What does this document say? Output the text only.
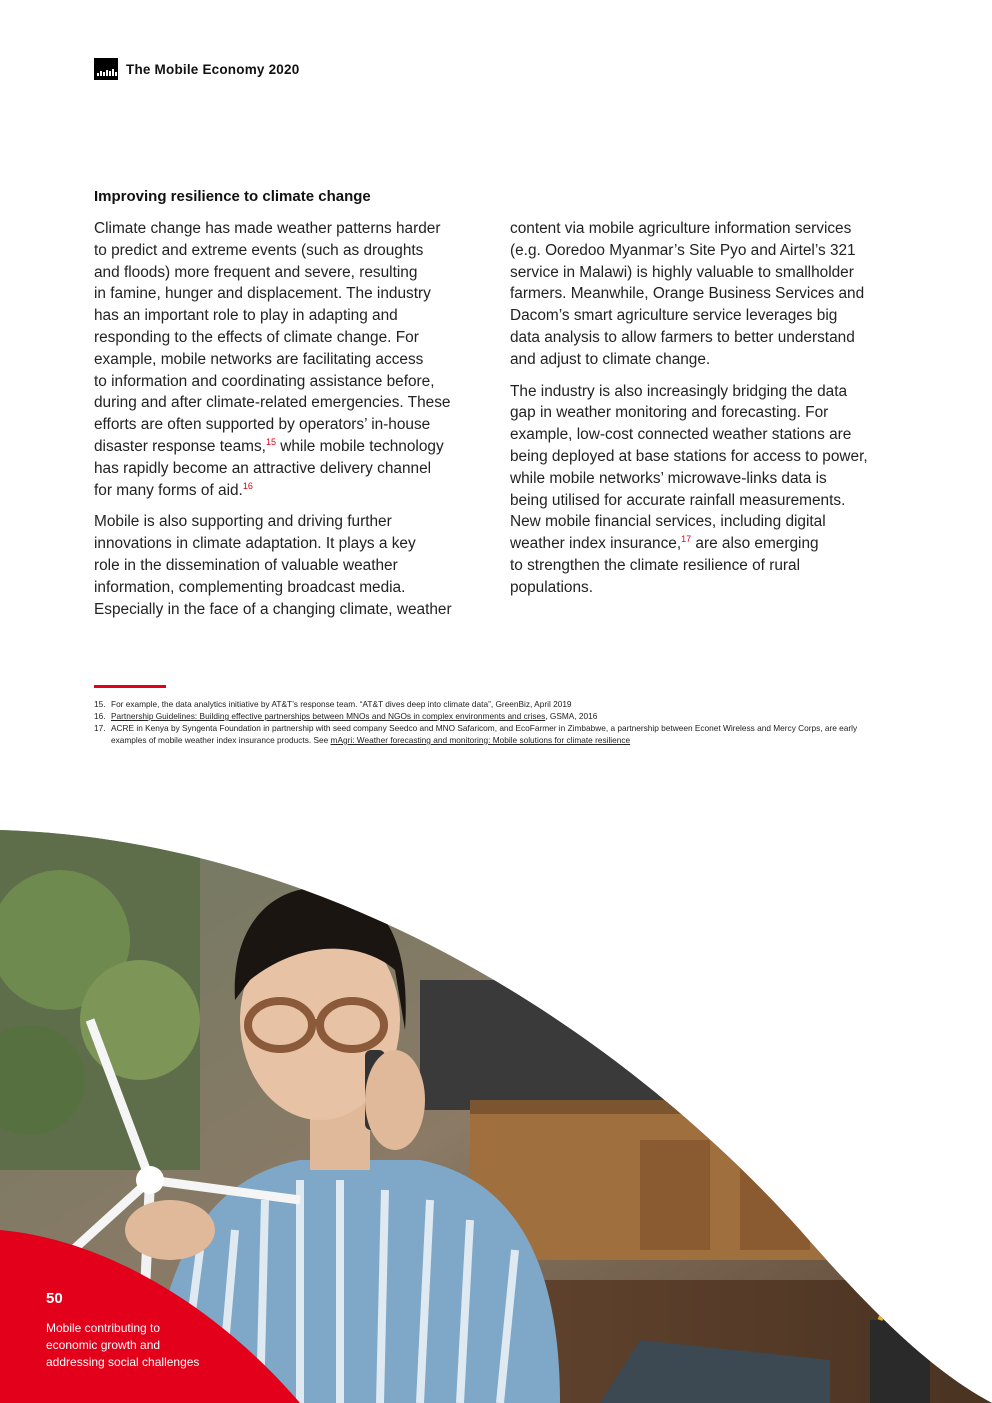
The Mobile Economy 2020
Improving resilience to climate change

Climate change has made weather patterns harder
to predict and extreme events (such as droughts
and floods) more frequent and severe, resulting
in famine, hunger and displacement. The industry
has an important role to play in adapting and
responding to the effects of climate change. For
example, mobile networks are facilitating access
to information and coordinating assistance before,
during and after climate-related emergencies. These
efforts are often supported by operators’ in-house
disaster response teams,$^{15}$ while mobile technology
has rapidly become an attractive delivery channel
for many forms of aid.$^{16}$

Mobile is also supporting and driving further
innovations in climate adaptation. It plays a key
role in the dissemination of valuable weather
information, complementing broadcast media.
Especially in the face of a changing climate, weather

content via mobile agriculture information services
(e.g. Ooredoo Myanmar’s Site Pyo and Airtel’s 321
service in Malawi) is highly valuable to smallholder
farmers. Meanwhile, Orange Business Services and
Dacom’s smart agriculture service leverages big
data analysis to allow farmers to better understand
and adjust to climate change.

The industry is also increasingly bridging the data
gap in weather monitoring and forecasting. For
example, low-cost connected weather stations are
being deployed at base stations for access to power,
while mobile networks’ microwave-links data is
being utilised for accurate rainfall measurements.
New mobile financial services, including digital
weather index insurance,$^{17}$ are also emerging
to strengthen the climate resilience of rural
populations.

15. For example, the data analytics initiative by AT&T’s response team. “AT&T dives deep into climate data”, GreenBiz, April 2019
16. Partnership Guidelines: Building effective partnerships between MNOs and NGOs in complex environments and crises, GSMA, 2016
17. ACRE in Kenya by Syngenta Foundation in partnership with seed company Seedco and MNO Safaricom, and EcoFarmer in Zimbabwe, a partnership between Econet Wireless and Mercy Corps, are early examples of mobile weather index insurance products. See mAgri: Weather forecasting and monitoring: Mobile solutions for climate resilience
50
Mobile contributing to
economic growth and
addressing social challenges
